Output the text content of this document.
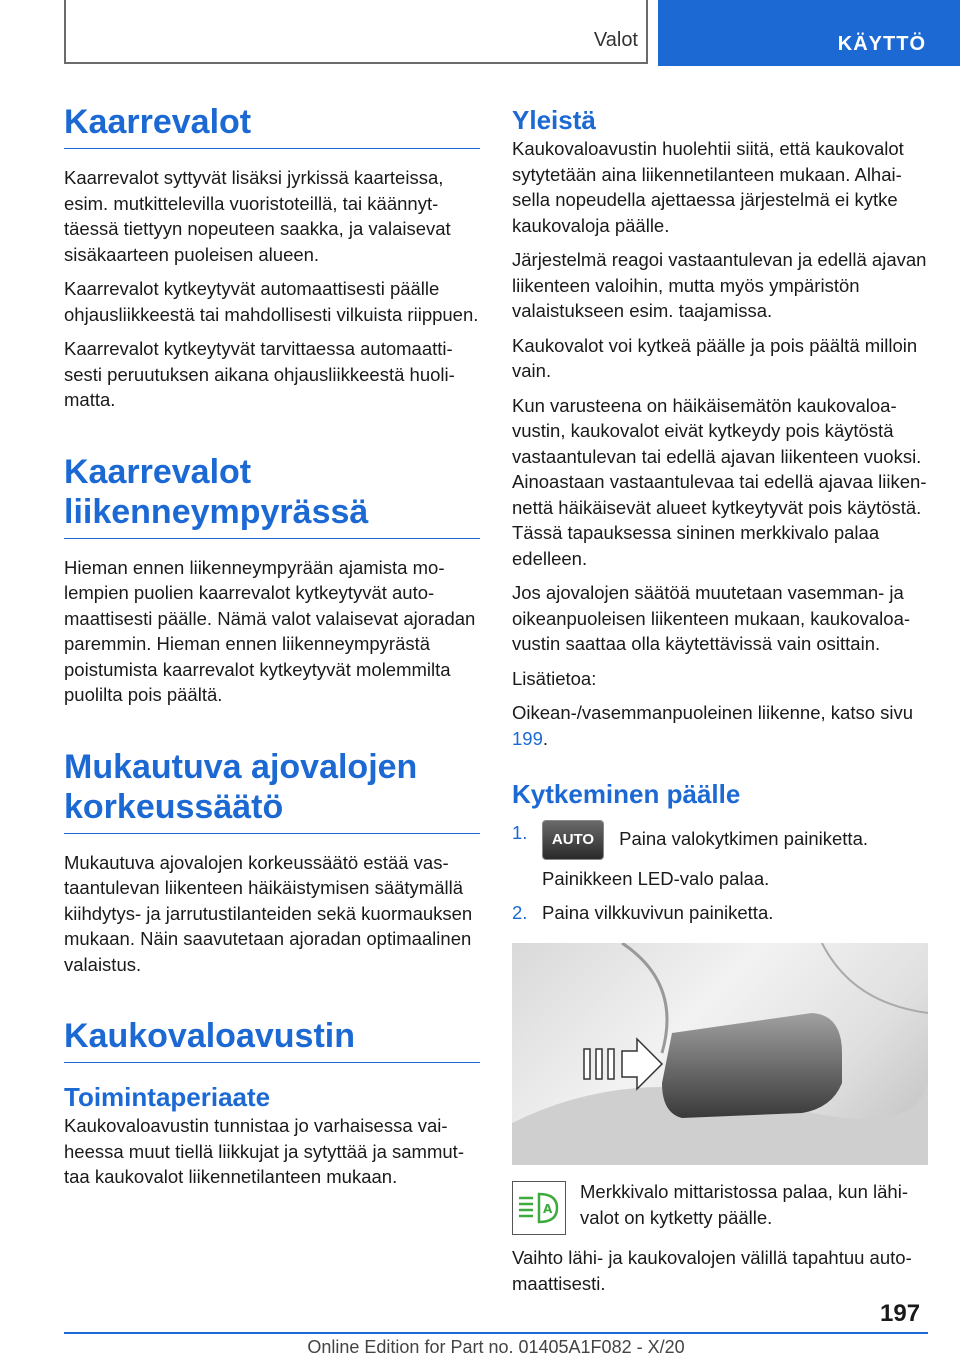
Valot	KÄYTTÖ
Kaarrevalot

Kaarrevalot syttyvät lisäksi jyrkissä kaarteissa, esim. mutkittelevilla vuoristoteillä, tai käännyttäessä tiettyyn nopeuteen saakka, ja valaisevat sisäkaarteen puoleisen alueen.

Kaarrevalot kytkeytyvät automaattisesti päälle ohjausliikkeestä tai mahdollisesti vilkuista riippuen.

Kaarrevalot kytkeytyvät tarvittaessa automaattisesti peruutuksen aikana ohjausliikkeestä huolimatta.

Kaarrevalot
liikenneympyrässä

Hieman ennen liikenneympyrään ajamista molempien puolien kaarrevalot kytkeytyvät automaattisesti päälle. Nämä valot valaisevat ajoradan paremmin. Hieman ennen liikenneympyrästä poistumista kaarrevalot kytkeytyvät molemmilta puolilta pois päältä.

Mukautuva ajovalojen
korkeussäätö

Mukautuva ajovalojen korkeussäätö estää vastaantulevan liikenteen häikäistymisen säätymällä kiihdytys- ja jarrutustilanteiden sekä kuormauksen mukaan. Näin saavutetaan ajoradan optimaalinen valaistus.

Kaukovaloavustin
Toimintaperiaate

Kaukovaloavustin tunnistaa jo varhaisessa vaiheessa muut tiellä liikkujat ja sytyttää ja sammuttaa kaukovalot liikennetilanteen mukaan.

Yleistä

Kaukovaloavustin huolehtii siitä, että kaukovalot sytytetään aina liikennetilanteen mukaan. Alhaisella nopeudella ajettaessa järjestelmä ei kytke kaukovaloja päälle.

Järjestelmä reagoi vastaantulevan ja edellä ajavan liikenteen valoihin, mutta myös ympäristön valaistukseen esim. taajamissa.

Kaukovalot voi kytkeä päälle ja pois päältä milloin vain.

Kun varusteena on häikäisemätön kaukovaloavustin, kaukovalot eivät kytkeydy pois käytöstä vastaantulevan tai edellä ajavan liikenteen vuoksi. Ainoastaan vastaantulevaa tai edellä ajavaa liikennettä häikäisevät alueet kytkeytyvät pois käytöstä. Tässä tapauksessa sininen merkkivalo palaa edelleen.

Jos ajovalojen säätöä muutetaan vasemman- ja oikeanpuoleisen liikenteen mukaan, kaukovaloavustin saattaa olla käytettävissä vain osittain.

Lisätietoa:

Oikean-/vasemmanpuoleinen liikenne, katso sivu 199.

Kytkeminen päälle
1. AUTO Paina valokytkimen painiketta.
Painikkeen LED-valo palaa.
2. Paina vilkkuvivun painiketta.
A

Merkkivalo mittaristossa palaa, kun lähivalot on kytketty päälle.

Vaihto lähi- ja kaukovalojen välillä tapahtuu automaattisesti.

197
Online Edition for Part no. 01405A1F082 - X/20
